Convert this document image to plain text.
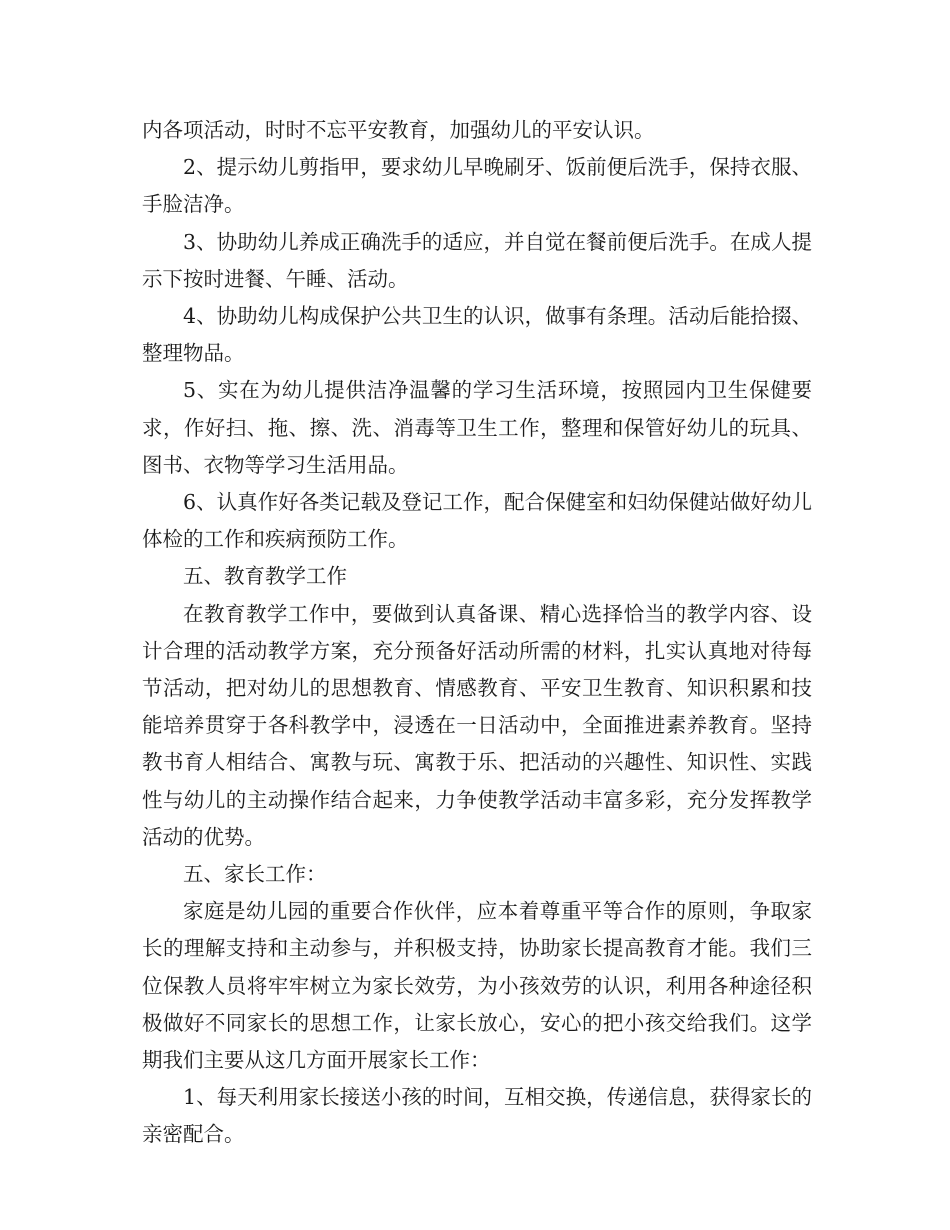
内各项活动，时时不忘平安教育，加强幼儿的平安认识。

2、提示幼儿剪指甲，要求幼儿早晚刷牙、饭前便后洗手，保持衣服、手脸洁净。

3、协助幼儿养成正确洗手的适应，并自觉在餐前便后洗手。在成人提示下按时进餐、午睡、活动。

4、协助幼儿构成保护公共卫生的认识，做事有条理。活动后能拾掇、整理物品。

5、实在为幼儿提供洁净温馨的学习生活环境，按照园内卫生保健要求，作好扫、拖、擦、洗、消毒等卫生工作，整理和保管好幼儿的玩具、图书、衣物等学习生活用品。

6、认真作好各类记载及登记工作，配合保健室和妇幼保健站做好幼儿体检的工作和疾病预防工作。

五、教育教学工作

在教育教学工作中，要做到认真备课、精心选择恰当的教学内容、设计合理的活动教学方案，充分预备好活动所需的材料，扎实认真地对待每节活动，把对幼儿的思想教育、情感教育、平安卫生教育、知识积累和技能培养贯穿于各科教学中，浸透在一日活动中，全面推进素养教育。坚持教书育人相结合、寓教与玩、寓教于乐、把活动的兴趣性、知识性、实践性与幼儿的主动操作结合起来，力争使教学活动丰富多彩，充分发挥教学活动的优势。

五、家长工作：

家庭是幼儿园的重要合作伙伴，应本着尊重平等合作的原则，争取家长的理解支持和主动参与，并积极支持，协助家长提高教育才能。我们三位保教人员将牢牢树立为家长效劳，为小孩效劳的认识，利用各种途径积极做好不同家长的思想工作，让家长放心，安心的把小孩交给我们。这学期我们主要从这几方面开展家长工作：

1、每天利用家长接送小孩的时间，互相交换，传递信息，获得家长的亲密配合。
